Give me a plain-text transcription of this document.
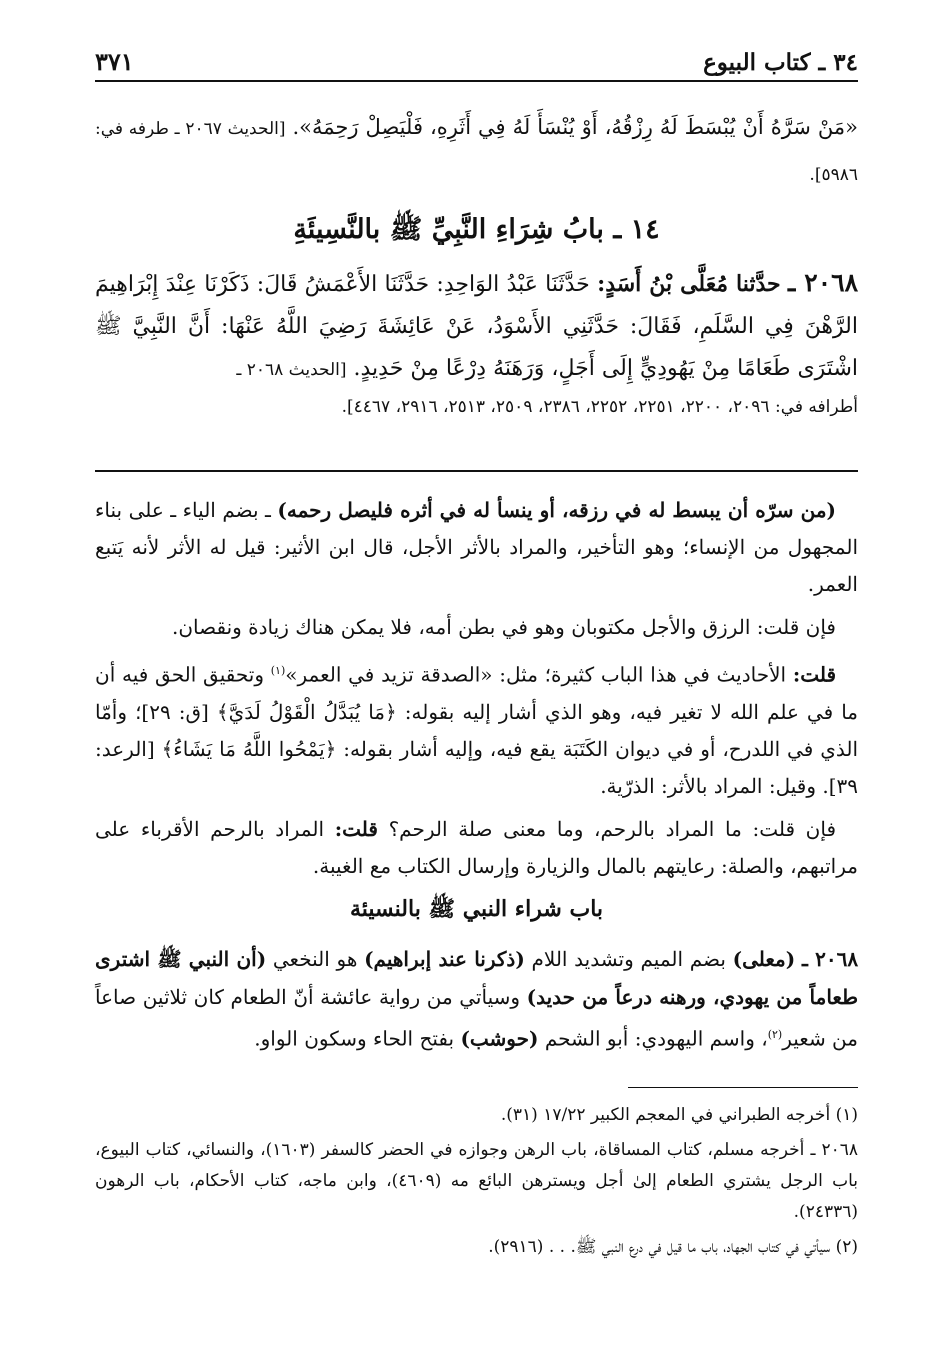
٣٧١	٣٤ ـ كتاب البيوع
«مَنْ سَرَّهُ أَنْ يُبْسَطَ لَهُ رِزْقُهُ، أَوْ يُنْسَأَ لَهُ فِي أَثَرِهِ، فَلْيَصِلْ رَحِمَهُ». [الحديث ٢٠٦٧ ـ طرفه في: ٥٩٨٦].
١٤ ـ بابُ شِرَاءِ النَّبِيِّ ﷺ بالنَّسِيئَةِ
٢٠٦٨ ـ حدَّثنا مُعَلَّى بْنُ أَسَدٍ: حَدَّثَنَا عَبْدُ الوَاحِدِ: حَدَّثَنَا الأَعْمَشُ قَالَ: ذَكَرْنَا عِنْدَ إِبْرَاهِيمَ الرَّهْنَ فِي السَّلَمِ، فَقَالَ: حَدَّثَنِي الأَسْوَدُ، عَنْ عَائِشَةَ رَضِيَ اللَّهُ عَنْهَا: أَنَّ النَّبِيَّ ﷺ اشْتَرَى طَعَامًا مِنْ يَهُودِيٍّ إِلَى أَجَلٍ، وَرَهَنَهُ دِرْعًا مِنْ حَدِيدٍ. [الحديث ٢٠٦٨ ـ
أطرافه في: ٢٠٩٦، ٢٢٠٠، ٢٢٥١، ٢٢٥٢، ٢٣٨٦، ٢٥٠٩، ٢٥١٣، ٢٩١٦، ٤٤٦٧].

(من سرّه أن يبسط له في رزقه، أو ينسأ له في أثره فليصل رحمه) ـ بضم الياء ـ على بناء المجهول من الإنساء؛ وهو التأخير، والمراد بالأثر الأجل، قال ابن الأثير: قيل له الأثر لأنه يَتبع العمر.

فإن قلت: الرزق والأجل مكتوبان وهو في بطن أمه، فلا يمكن هناك زيادة ونقصان.

قلت: الأحاديث في هذا الباب كثيرة؛ مثل: «الصدقة تزيد في العمر»$^{(١)}$ وتحقيق الحق فيه أن ما في علم الله لا تغير فيه، وهو الذي أشار إليه بقوله: ﴿مَا يُبَدَّلُ الْقَوْلُ لَدَيَّ﴾ [ق: ٢٩]؛ وأمّا الذي في اللدرح، أو في ديوان الكَتَبَة يقع فيه، وإليه أشار بقوله: ﴿يَمْحُوا اللَّهُ مَا يَشَاءُ﴾ [الرعد: ٣٩]. وقيل: المراد بالأثر: الذرّية.

فإن قلت: ما المراد بالرحم، وما معنى صلة الرحم؟ قلت: المراد بالرحم الأقرباء على مراتبهم، والصلة: رعايتهم بالمال والزيارة وإرسال الكتاب مع الغيبة.

باب شراء النبي ﷺ بالنسيئة
٢٠٦٨ ـ (معلى) بضم الميم وتشديد اللام (ذكرنا عند إبراهيم) هو النخعي (أن النبي ﷺ اشترى طعاماً من يهودي، ورهنه درعاً من حديد) وسيأتي من رواية عائشة أنّ الطعام كان ثلاثين صاعاً من شعير$^{(٢)}$، واسم اليهودي: أبو الشحم (حوشب) بفتح الحاء وسكون الواو.
(١) أخرجه الطبراني في المعجم الكبير ١٧/٢٢ (٣١).
٢٠٦٨ ـ أخرجه مسلم، كتاب المساقاة، باب الرهن وجوازه في الحضر كالسفر (١٦٠٣)، والنسائي، كتاب البيوع، باب الرجل يشتري الطعام إلىٰ أجل ويسترهن البائع مه (٤٦٠٩)، وابن ماجه، كتاب الأحكام، باب الرهون (٢٤٣٣٦).
(٢) سيأتي في كتاب الجهاد، باب ما قيل في درع النبي ﷺ. . . (٢٩١٦).
